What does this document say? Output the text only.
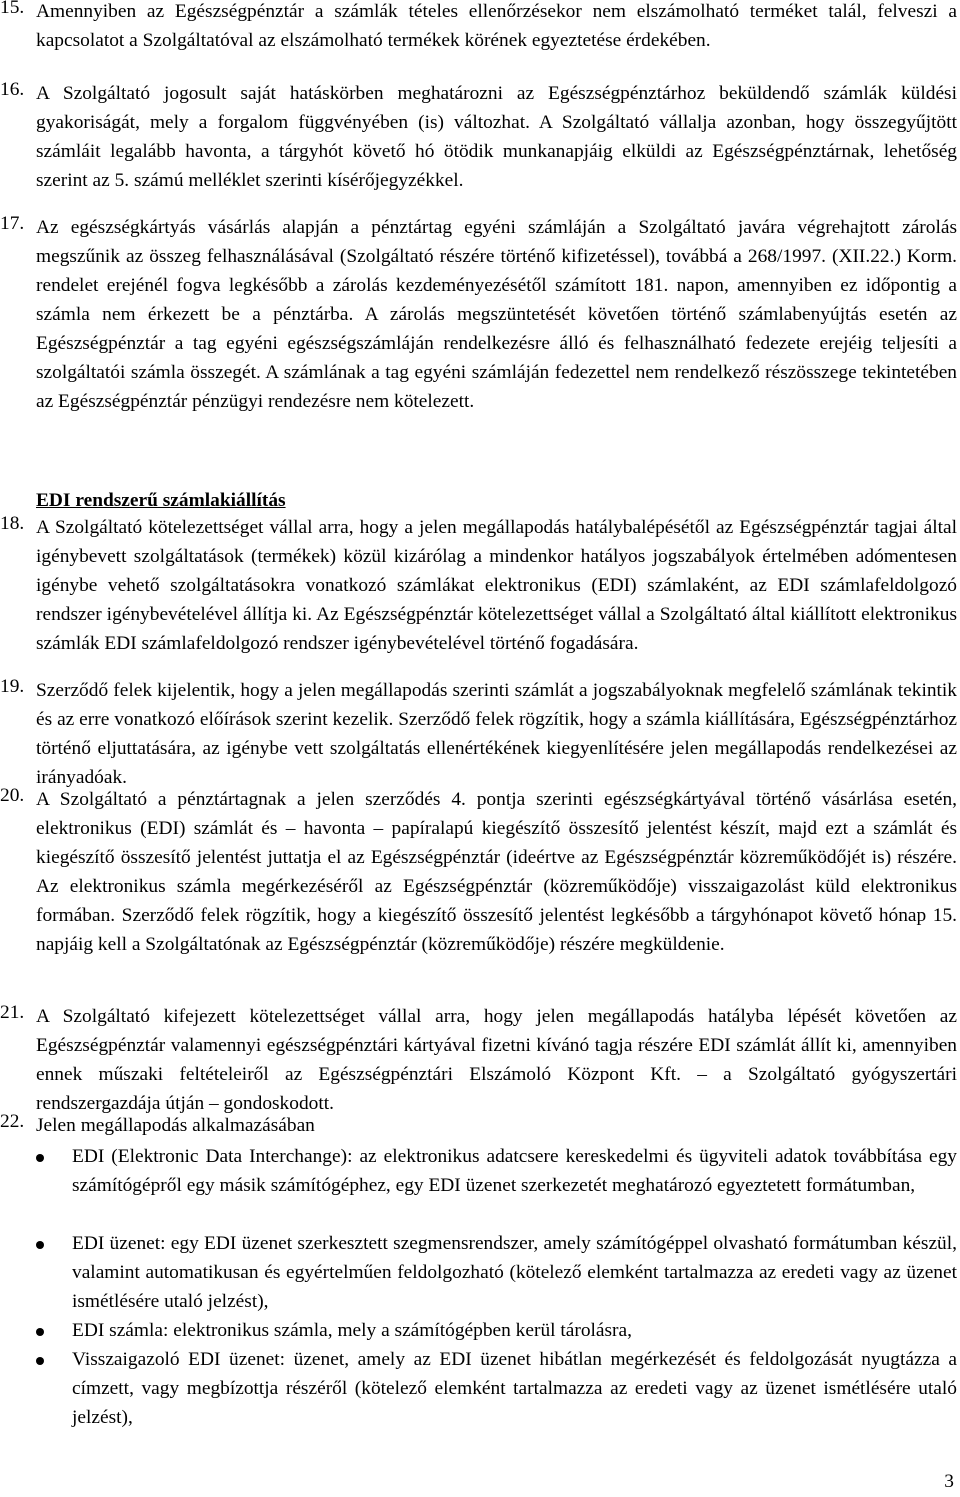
15. Amennyiben az Egészségpénztár a számlák tételes ellenőrzésekor nem elszámolható terméket talál, felveszi a kapcsolatot a Szolgáltatóval az elszámolható termékek körének egyeztetése érdekében.

16. A Szolgáltató jogosult saját hatáskörben meghatározni az Egészségpénztárhoz beküldendő számlák küldési gyakoriságát, mely a forgalom függvényében (is) változhat. A Szolgáltató vállalja azonban, hogy összegyűjtött számláit legalább havonta, a tárgyhót követő hó ötödik munkanapjáig elküldi az Egészségpénztárnak, lehetőség szerint az 5. számú melléklet szerinti kísérőjegyzékkel.

17. Az egészségkártyás vásárlás alapján a pénztártag egyéni számláján a Szolgáltató javára végrehajtott zárolás megszűnik az összeg felhasználásával (Szolgáltató részére történő kifizetéssel), továbbá a 268/1997. (XII.22.) Korm. rendelet erejénél fogva legkésőbb a zárolás kezdeményezésétől számított 181. napon, amennyiben ez időpontig a számla nem érkezett be a pénztárba. A zárolás megszüntetését követően történő számlabenyújtás esetén az Egészségpénztár a tag egyéni egészségszámláján rendelkezésre álló és felhasználható fedezete erejéig teljesíti a szolgáltatói számla összegét. A számlának a tag egyéni számláján fedezettel nem rendelkező részösszege tekintetében az Egészségpénztár pénzügyi rendezésre nem kötelezett.

EDI rendszerű számlakiállítás

18. A Szolgáltató kötelezettséget vállal arra, hogy a jelen megállapodás hatálybalépésétől az Egészségpénztár tagjai által igénybevett szolgáltatások (termékek) közül kizárólag a mindenkor hatályos jogszabályok értelmében adómentesen igénybe vehető szolgáltatásokra vonatkozó számlákat elektronikus (EDI) számlaként, az EDI számlafeldolgozó rendszer igénybevételével állítja ki. Az Egészségpénztár kötelezettséget vállal a Szolgáltató által kiállított elektronikus számlák EDI számlafeldolgozó rendszer igénybevételével történő fogadására.

19. Szerződő felek kijelentik, hogy a jelen megállapodás szerinti számlát a jogszabályoknak megfelelő számlának tekintik és az erre vonatkozó előírások szerint kezelik. Szerződő felek rögzítik, hogy a számla kiállítására, Egészségpénztárhoz történő eljuttatására, az igénybe vett szolgáltatás ellenértékének kiegyenlítésére jelen megállapodás rendelkezései az irányadóak.

20. A Szolgáltató a pénztártagnak a jelen szerződés 4. pontja szerinti egészségkártyával történő vásárlása esetén, elektronikus (EDI) számlát és – havonta – papíralapú kiegészítő összesítő jelentést készít, majd ezt a számlát és kiegészítő összesítő jelentést juttatja el az Egészségpénztár (ideértve az Egészségpénztár közreműködőjét is) részére. Az elektronikus számla megérkezéséről az Egészségpénztár (közreműködője) visszaigazolást küld elektronikus formában. Szerződő felek rögzítik, hogy a kiegészítő összesítő jelentést legkésőbb a tárgyhónapot követő hónap 15. napjáig kell a Szolgáltatónak az Egészségpénztár (közreműködője) részére megküldenie.

21. A Szolgáltató kifejezett kötelezettséget vállal arra, hogy jelen megállapodás hatályba lépését követően az Egészségpénztár valamennyi egészségpénztári kártyával fizetni kívánó tagja részére EDI számlát állít ki, amennyiben ennek műszaki feltételeiről az Egészségpénztári Elszámoló Központ Kft. – a Szolgáltató gyógyszertári rendszergazdája útján – gondoskodott.

22. Jelen megállapodás alkalmazásában

EDI (Elektronic Data Interchange): az elektronikus adatcsere kereskedelmi és ügyviteli adatok továbbítása egy számítógépről egy másik számítógéphez, egy EDI üzenet szerkezetét meghatározó egyeztetett formátumban,

EDI üzenet: egy EDI üzenet szerkesztett szegmensrendszer, amely számítógéppel olvasható formátumban készül, valamint automatikusan és egyértelműen feldolgozható (kötelező elemként tartalmazza az eredeti vagy az üzenet ismétlésére utaló jelzést),

EDI számla: elektronikus számla, mely a számítógépben kerül tárolásra,

Visszaigazoló EDI üzenet: üzenet, amely az EDI üzenet hibátlan megérkezését és feldolgozását nyugtázza a címzett, vagy megbízottja részéről (kötelező elemként tartalmazza az eredeti vagy az üzenet ismétlésére utaló jelzést),

3
